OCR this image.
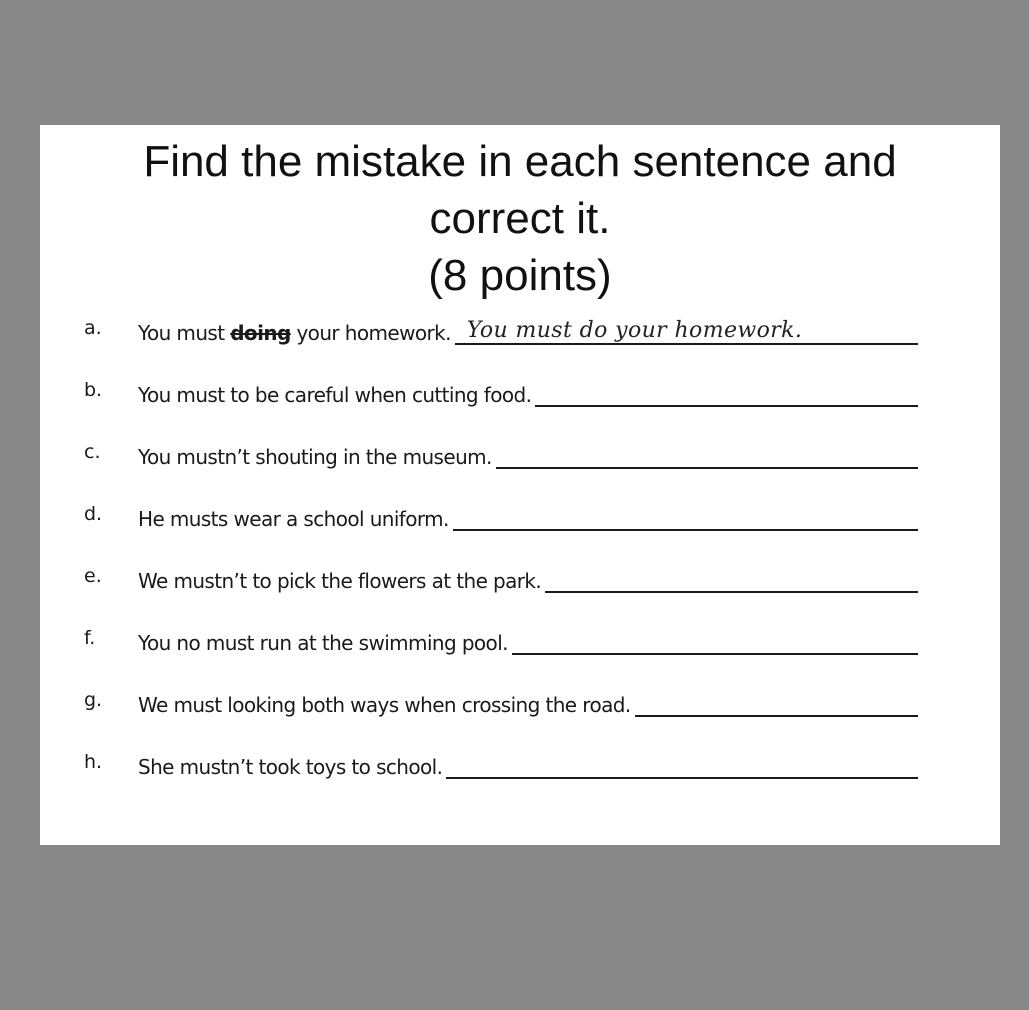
Find the mistake in each sentence and
correct it.
(8 points)
a. You must doing your homework. You must do your homework.
b. You must to be careful when cutting food.
c. You mustn’t shouting in the museum.
d. He musts wear a school uniform.
e. We mustn’t to pick the flowers at the park.
f. You no must run at the swimming pool.
g. We must looking both ways when crossing the road.
h. She mustn’t took toys to school.
